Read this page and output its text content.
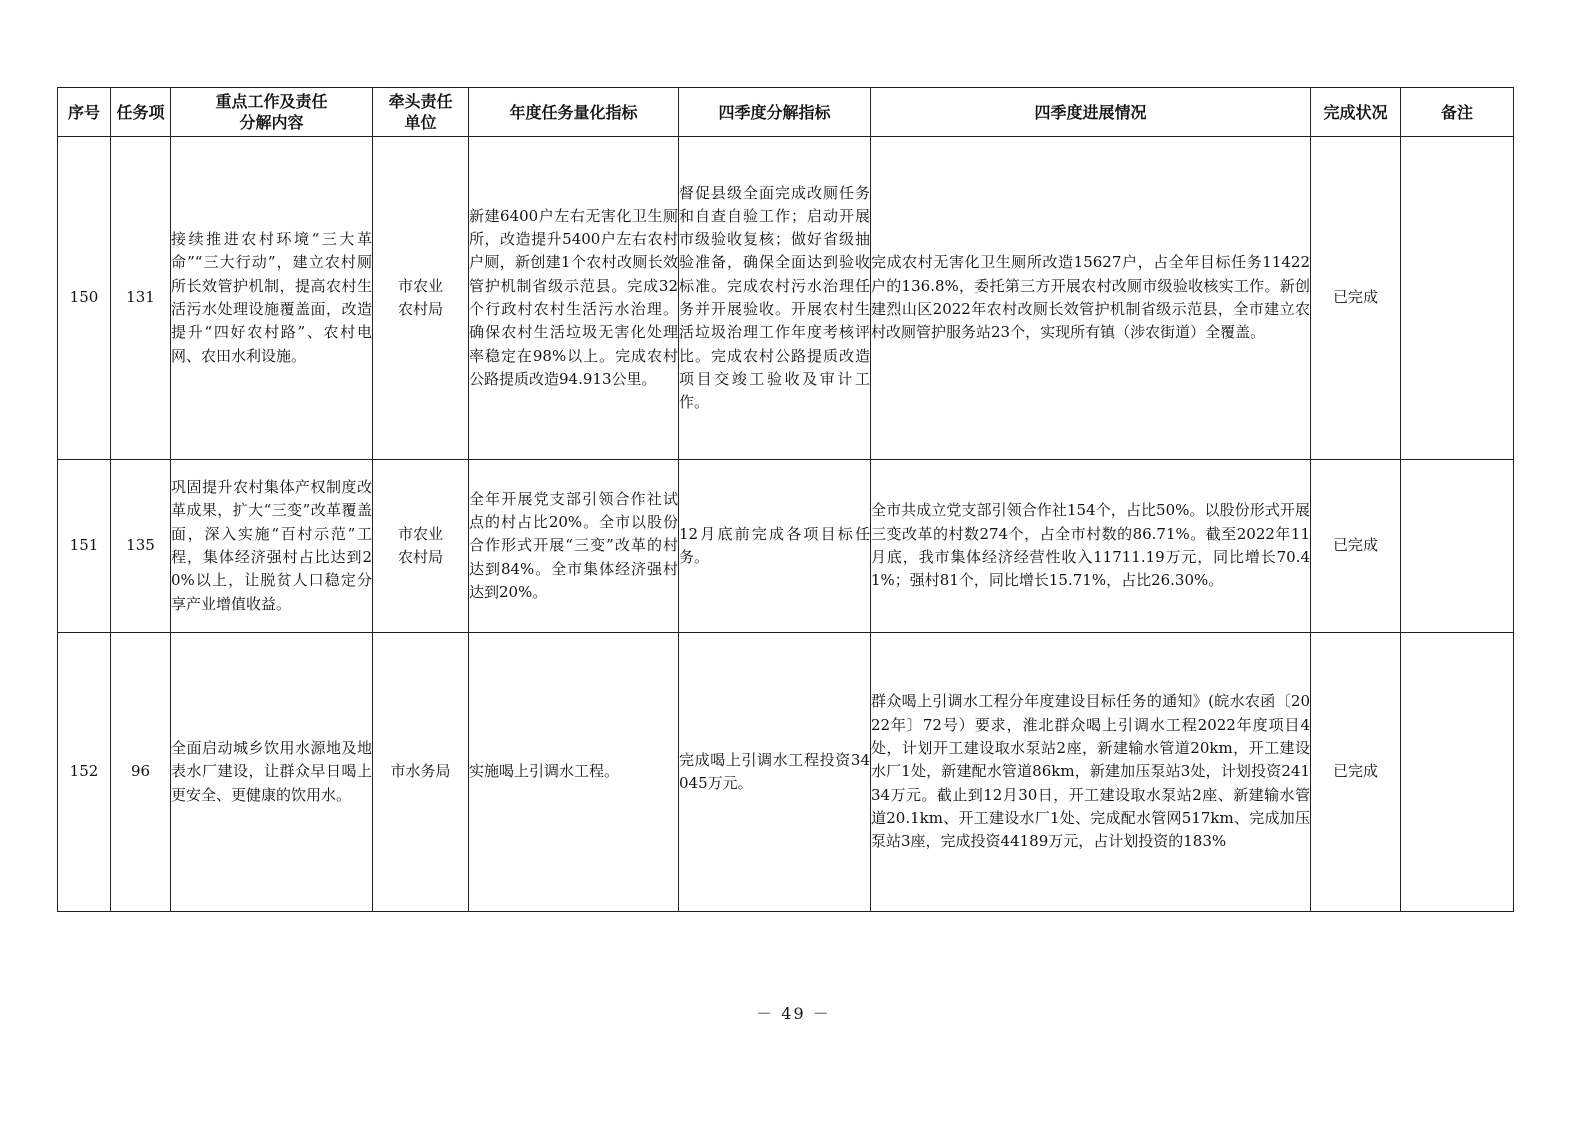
序号	任务项	重点工作及责任
分解内容	牵头责任
单位	年度任务量化指标	四季度分解指标	四季度进展情况	完成状况	备注

150	131	接续推进农村环境“三大革命”“三大行动”，建立农村厕所长效管护机制，提高农村生活污水处理设施覆盖面，改造提升“四好农村路”、农村电网、农田水利设施。	市农业
农村局	新建6400户左右无害化卫生厕所，改造提升5400户左右农村户厕，新创建1个农村改厕长效管护机制省级示范县。完成32个行政村农村生活污水治理。确保农村生活垃圾无害化处理率稳定在98%以上。完成农村公路提质改造94.913公里。	督促县级全面完成改厕任务和自查自验工作；启动开展市级验收复核；做好省级抽验准备，确保全面达到验收标准。完成农村污水治理任务并开展验收。开展农村生活垃圾治理工作年度考核评比。完成农村公路提质改造项目交竣工验收及审计工作。	完成农村无害化卫生厕所改造15627户，占全年目标任务11422户的136.8%，委托第三方开展农村改厕市级验收核实工作。新创建烈山区2022年农村改厕长效管护机制省级示范县，全市建立农村改厕管护服务站23个，实现所有镇（涉农街道）全覆盖。	已完成	
151	135	巩固提升农村集体产权制度改革成果，扩大“三变”改革覆盖面，深入实施“百村示范”工程，集体经济强村占比达到20%以上，让脱贫人口稳定分享产业增值收益。	市农业
农村局	全年开展党支部引领合作社试点的村占比20%。全市以股份合作形式开展“三变”改革的村达到84%。全市集体经济强村达到20%。	12月底前完成各项目标任务。	全市共成立党支部引领合作社154个，占比50%。以股份形式开展三变改革的村数274个，占全市村数的86.71%。截至2022年11月底，我市集体经济经营性收入11711.19万元，同比增长70.41%；强村81个，同比增长15.71%，占比26.30%。	已完成	
152	96	全面启动城乡饮用水源地及地表水厂建设，让群众早日喝上更安全、更健康的饮用水。	市水务局	实施喝上引调水工程。	完成喝上引调水工程投资34045万元。	群众喝上引调水工程分年度建设目标任务的通知》(皖水农函〔2022年〕72号）要求，淮北群众喝上引调水工程2022年度项目4处，计划开工建设取水泵站2座，新建输水管道20km，开工建设水厂1处，新建配水管道86km，新建加压泵站3处，计划投资24134万元。截止到12月30日，开工建设取水泵站2座、新建输水管道20.1km、开工建设水厂1处、完成配水管网517km、完成加压泵站3座，完成投资44189万元，占计划投资的183%	已完成	
－ 49 －
